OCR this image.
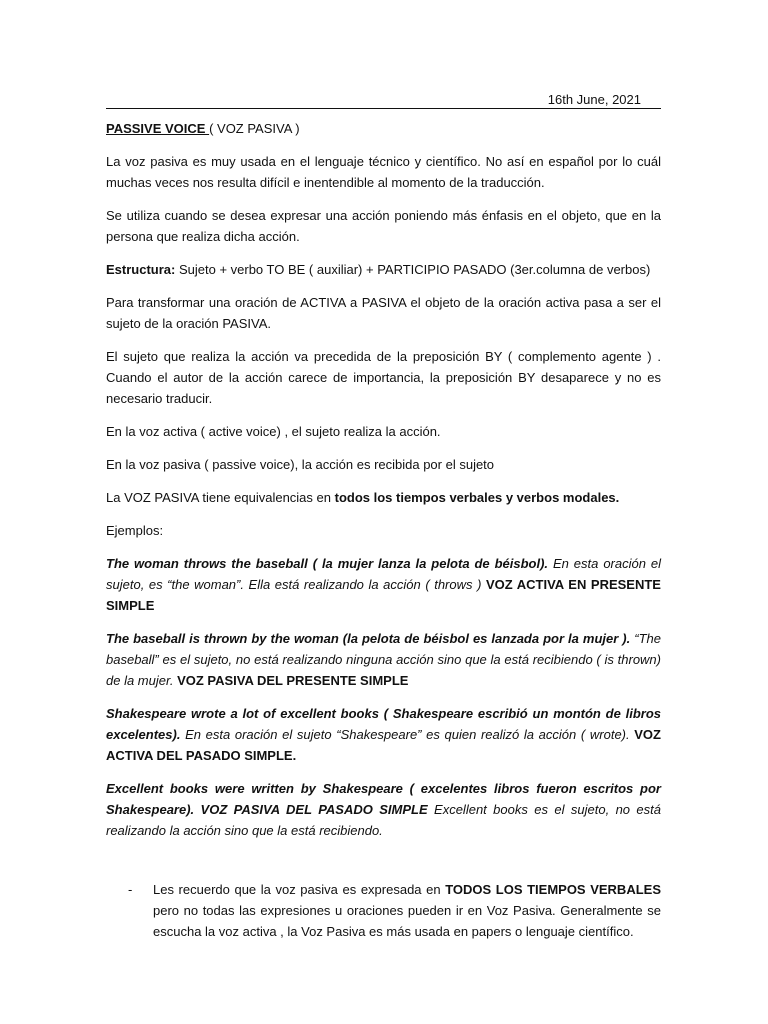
16th June, 2021

PASSIVE VOICE ( VOZ PASIVA )

La voz pasiva es muy usada en el lenguaje técnico y científico. No así en español por lo cuál muchas veces nos resulta difícil e inentendible al momento de la traducción.

Se utiliza cuando se desea expresar una acción poniendo más énfasis en el objeto, que en la persona que realiza dicha acción.

Estructura: Sujeto + verbo TO BE ( auxiliar) + PARTICIPIO PASADO (3er.columna de verbos)

Para transformar una oración de ACTIVA a PASIVA el objeto de la oración activa pasa a ser el sujeto de la oración PASIVA.

El sujeto que realiza la acción va precedida de la preposición BY ( complemento agente ) . Cuando el autor de la acción carece de importancia, la preposición BY desaparece y no es necesario traducir.

En la voz activa ( active voice) , el sujeto realiza la acción.

En la voz pasiva ( passive voice), la acción es recibida por el sujeto

La VOZ PASIVA tiene equivalencias en todos los tiempos verbales y verbos modales.

Ejemplos:

The woman throws the baseball ( la mujer lanza la pelota de béisbol). En esta oración el sujeto, es “the woman”. Ella está realizando la acción ( throws ) VOZ ACTIVA EN PRESENTE SIMPLE

The baseball is thrown by the woman (la pelota de béisbol es lanzada por la mujer ). “The baseball” es el sujeto, no está realizando ninguna acción sino que la está recibiendo ( is thrown) de la mujer. VOZ PASIVA DEL PRESENTE SIMPLE

Shakespeare wrote a lot of excellent books ( Shakespeare escribió un montón de libros excelentes). En esta oración el sujeto “Shakespeare” es quien realizó la acción ( wrote). VOZ ACTIVA DEL PASADO SIMPLE.

Excellent books were written by Shakespeare ( excelentes libros fueron escritos por Shakespeare). VOZ PASIVA DEL PASADO SIMPLE Excellent books es el sujeto, no está realizando la acción sino que la está recibiendo.

- Les recuerdo que la voz pasiva es expresada en TODOS LOS TIEMPOS VERBALES pero no todas las expresiones u oraciones pueden ir en Voz Pasiva. Generalmente se escucha la voz activa , la Voz Pasiva es más usada en papers o lenguaje científico.
